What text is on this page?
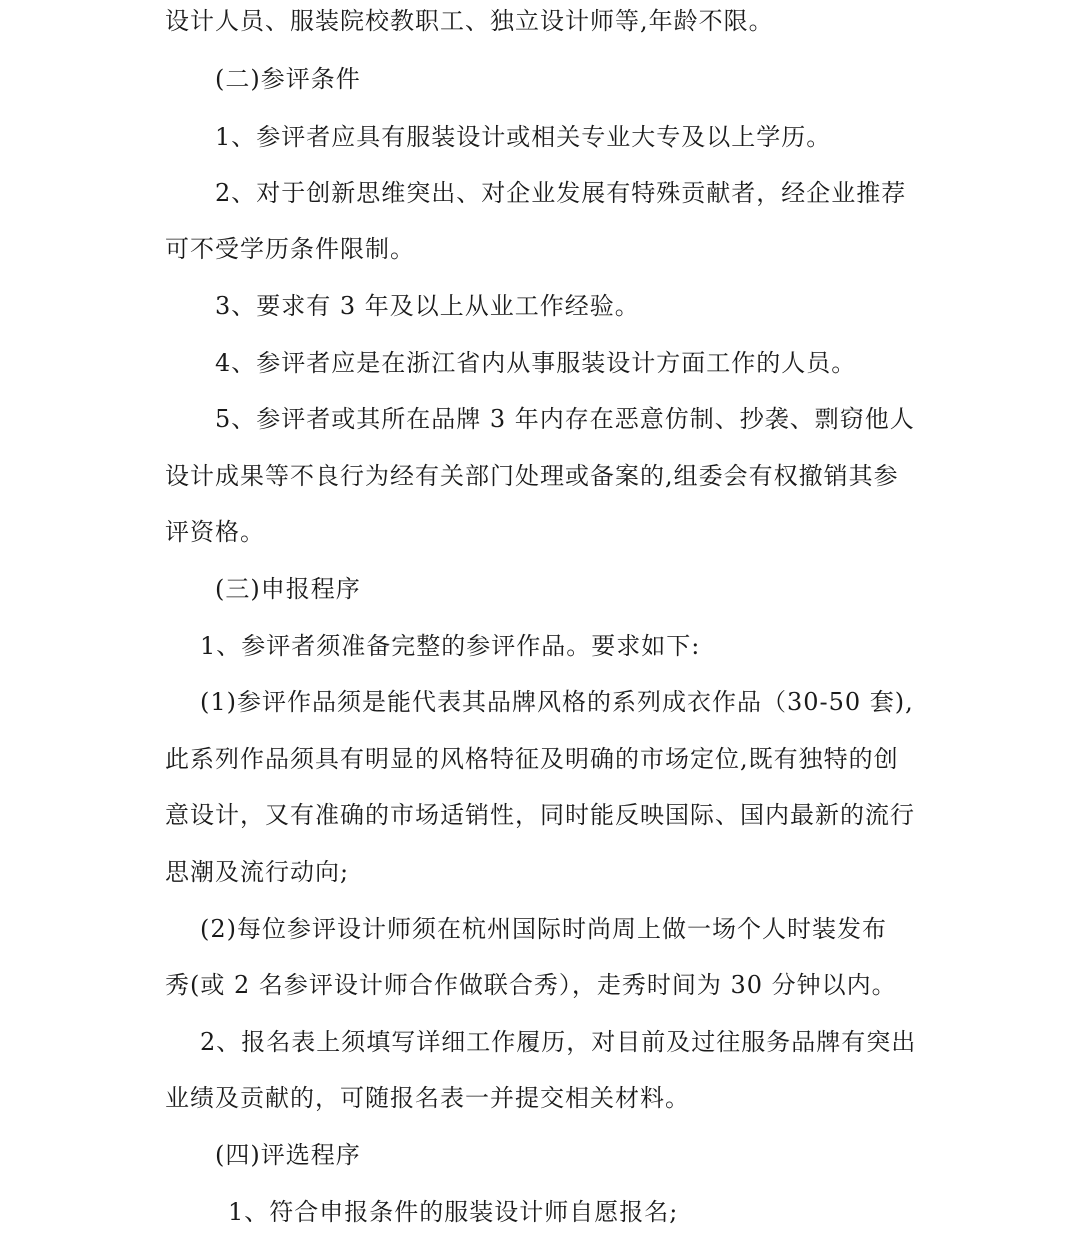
设计人员、服装院校教职工、独立设计师等,年龄不限。

(二)参评条件

1、参评者应具有服装设计或相关专业大专及以上学历。

2、对于创新思维突出、对企业发展有特殊贡献者，经企业推荐

可不受学历条件限制。

3、要求有 3 年及以上从业工作经验。

4、参评者应是在浙江省内从事服装设计方面工作的人员。

5、参评者或其所在品牌 3 年内存在恶意仿制、抄袭、剽窃他人

设计成果等不良行为经有关部门处理或备案的,组委会有权撤销其参

评资格。

(三)申报程序

1、参评者须准备完整的参评作品。要求如下:

(1)参评作品须是能代表其品牌风格的系列成衣作品（30-50 套),

此系列作品须具有明显的风格特征及明确的市场定位,既有独特的创

意设计，又有准确的市场适销性，同时能反映国际、国内最新的流行

思潮及流行动向;

(2)每位参评设计师须在杭州国际时尚周上做一场个人时装发布

秀(或 2 名参评设计师合作做联合秀），走秀时间为 30 分钟以内。

2、报名表上须填写详细工作履历，对目前及过往服务品牌有突出

业绩及贡献的，可随报名表一并提交相关材料。

(四)评选程序

1、符合申报条件的服装设计师自愿报名;
